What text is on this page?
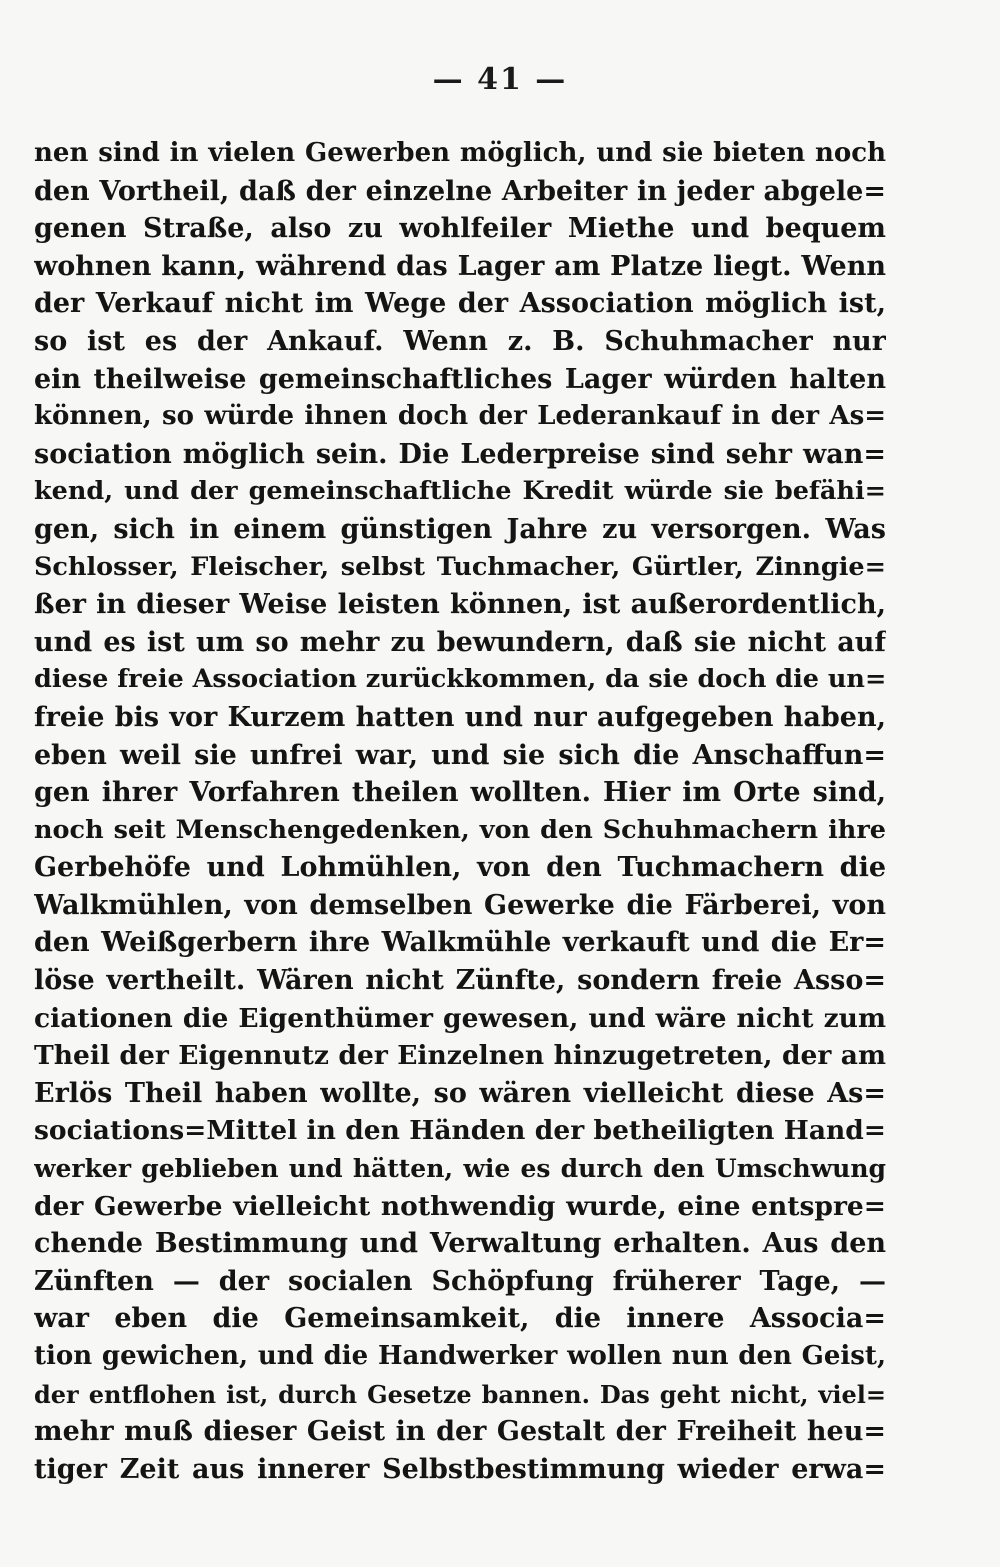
— 41 —
nen sind in vielen Gewerben möglich, und sie bieten noch
den Vortheil, daß der einzelne Arbeiter in jeder abgele=
genen Straße, also zu wohlfeiler Miethe und bequem
wohnen kann, während das Lager am Platze liegt. Wenn
der Verkauf nicht im Wege der Association möglich ist,
so ist es der Ankauf. Wenn z. B. Schuhmacher nur
ein theilweise gemeinschaftliches Lager würden halten
können, so würde ihnen doch der Lederankauf in der As=
sociation möglich sein. Die Lederpreise sind sehr wan=
kend, und der gemeinschaftliche Kredit würde sie befähi=
gen, sich in einem günstigen Jahre zu versorgen. Was
Schlosser, Fleischer, selbst Tuchmacher, Gürtler, Zinngie=
ßer in dieser Weise leisten können, ist außerordentlich,
und es ist um so mehr zu bewundern, daß sie nicht auf
diese freie Association zurückkommen, da sie doch die un=
freie bis vor Kurzem hatten und nur aufgegeben haben,
eben weil sie unfrei war, und sie sich die Anschaffun=
gen ihrer Vorfahren theilen wollten. Hier im Orte sind,
noch seit Menschengedenken, von den Schuhmachern ihre
Gerbehöfe und Lohmühlen, von den Tuchmachern die
Walkmühlen, von demselben Gewerke die Färberei, von
den Weißgerbern ihre Walkmühle verkauft und die Er=
löse vertheilt. Wären nicht Zünfte, sondern freie Asso=
ciationen die Eigenthümer gewesen, und wäre nicht zum
Theil der Eigennutz der Einzelnen hinzugetreten, der am
Erlös Theil haben wollte, so wären vielleicht diese As=
sociations=Mittel in den Händen der betheiligten Hand=
werker geblieben und hätten, wie es durch den Umschwung
der Gewerbe vielleicht nothwendig wurde, eine entspre=
chende Bestimmung und Verwaltung erhalten. Aus den
Zünften — der socialen Schöpfung früherer Tage, —
war eben die Gemeinsamkeit, die innere Associa=
tion gewichen, und die Handwerker wollen nun den Geist,
der entflohen ist, durch Gesetze bannen. Das geht nicht, viel=
mehr muß dieser Geist in der Gestalt der Freiheit heu=
tiger Zeit aus innerer Selbstbestimmung wieder erwa=
